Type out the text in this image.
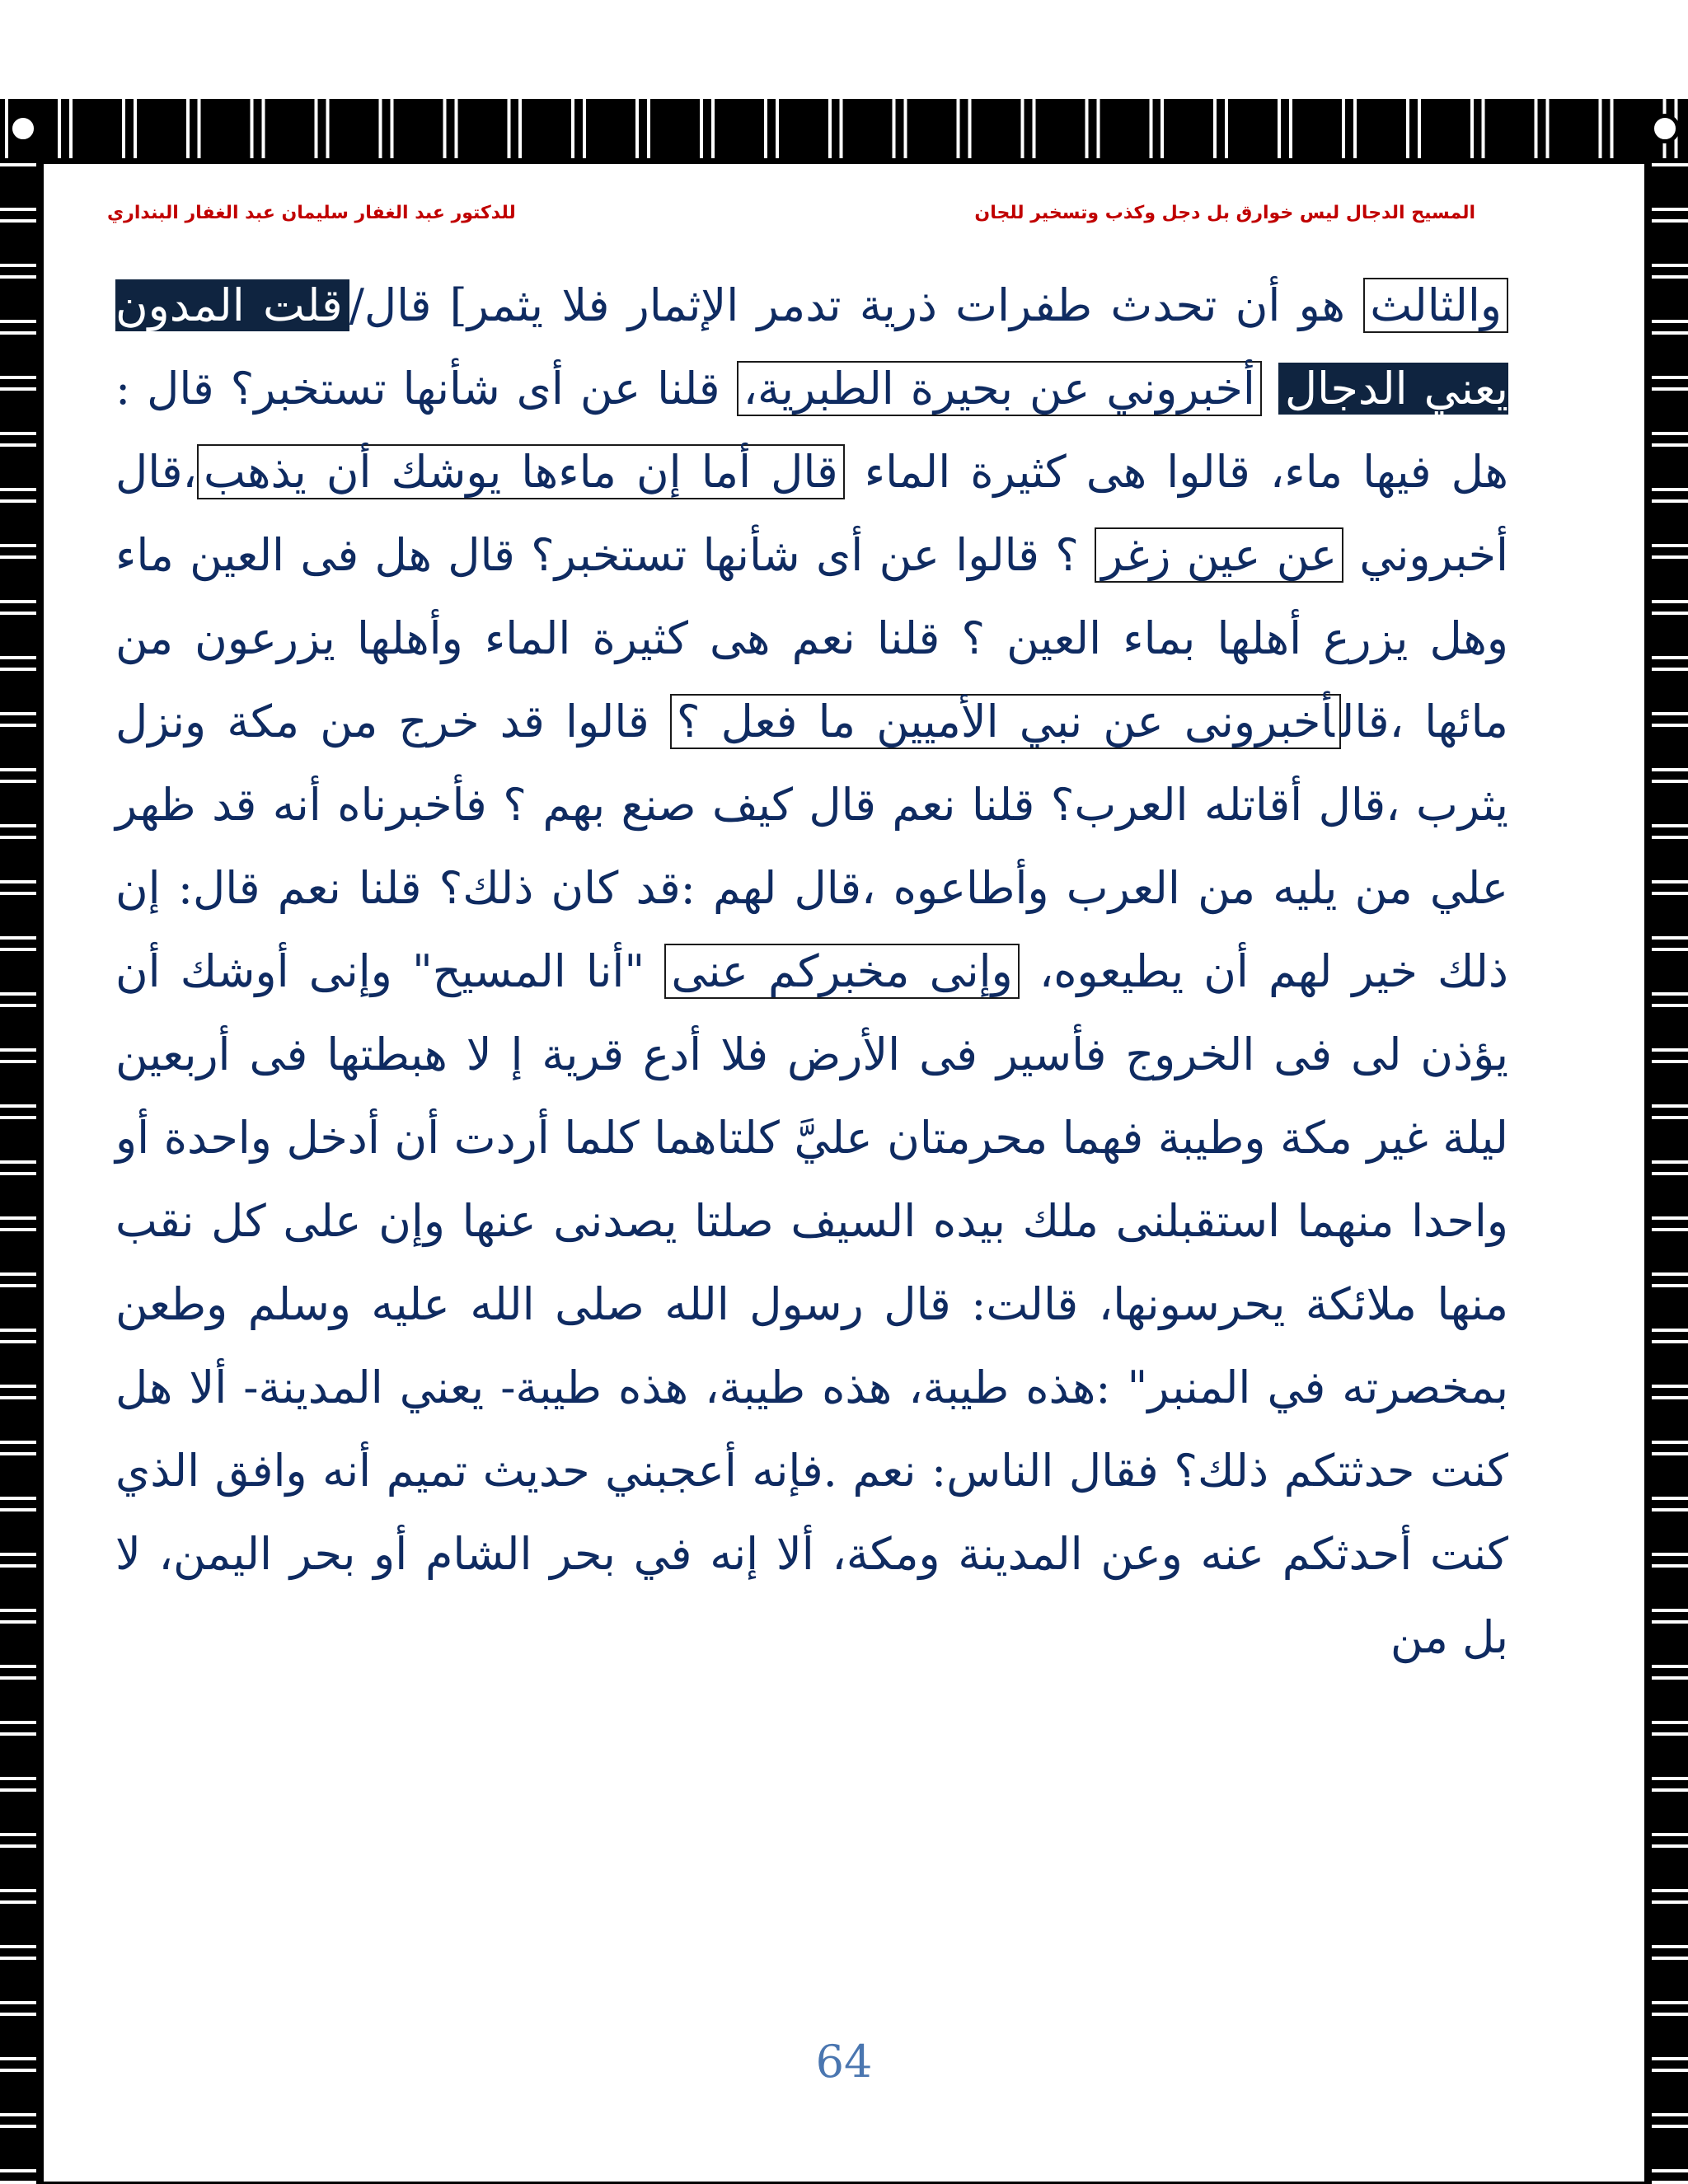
المسيح الدجال ليس خوارق بل دجل وكذب وتسخير للجان
للدكتور عبد الغفار سليمان عبد الغفار البنداري

والثالث هو أن تحدث طفرات ذرية تدمر الإثمار فلا يثمر] قال/قلت المدون يعني الدجال أخبروني عن بحيرة الطبرية، قلنا عن أى شأنها تستخبر؟ قال : هل فيها ماء، قالوا هى كثيرة الماء قال أما إن ماءها يوشك أن يذهب،قال أخبروني عن عين زغر ؟ قالوا عن أى شأنها تستخبر؟ قال هل فى العين ماء وهل يزرع أهلها بماء العين ؟ قلنا نعم هى كثيرة الماء وأهلها يزرعون من مائها ،قالأخبرونى عن نبي الأميين ما فعل ؟ قالوا قد خرج من مكة ونزل يثرب ،قال أقاتله العرب؟ قلنا نعم قال كيف صنع بهم ؟ فأخبرناه أنه قد ظهر علي من يليه من العرب وأطاعوه ،قال لهم :قد كان ذلك؟ قلنا نعم قال: إن ذلك خير لهم أن يطيعوه، وإنى مخبركم عنى "أنا المسيح" وإنى أوشك أن يؤذن لى فى الخروج فأسير فى الأرض فلا أدع قرية إ لا هبطتها فى أربعين ليلة غير مكة وطيبة فهما محرمتان عليَّ كلتاهما كلما أردت أن أدخل واحدة أو واحدا منهما استقبلنى ملك بيده السيف صلتا يصدنى عنها وإن على كل نقب منها ملائكة يحرسونها، قالت: قال رسول الله صلى الله عليه وسلم وطعن بمخصرته في المنبر" :هذه طيبة، هذه طيبة، هذه طيبة- يعني المدينة- ألا هل كنت حدثتكم ذلك؟ فقال الناس: نعم .فإنه أعجبني حديث تميم أنه وافق الذي كنت أحدثكم عنه وعن المدينة ومكة، ألا إنه في بحر الشام أو بحر اليمن، لا بل من

64
